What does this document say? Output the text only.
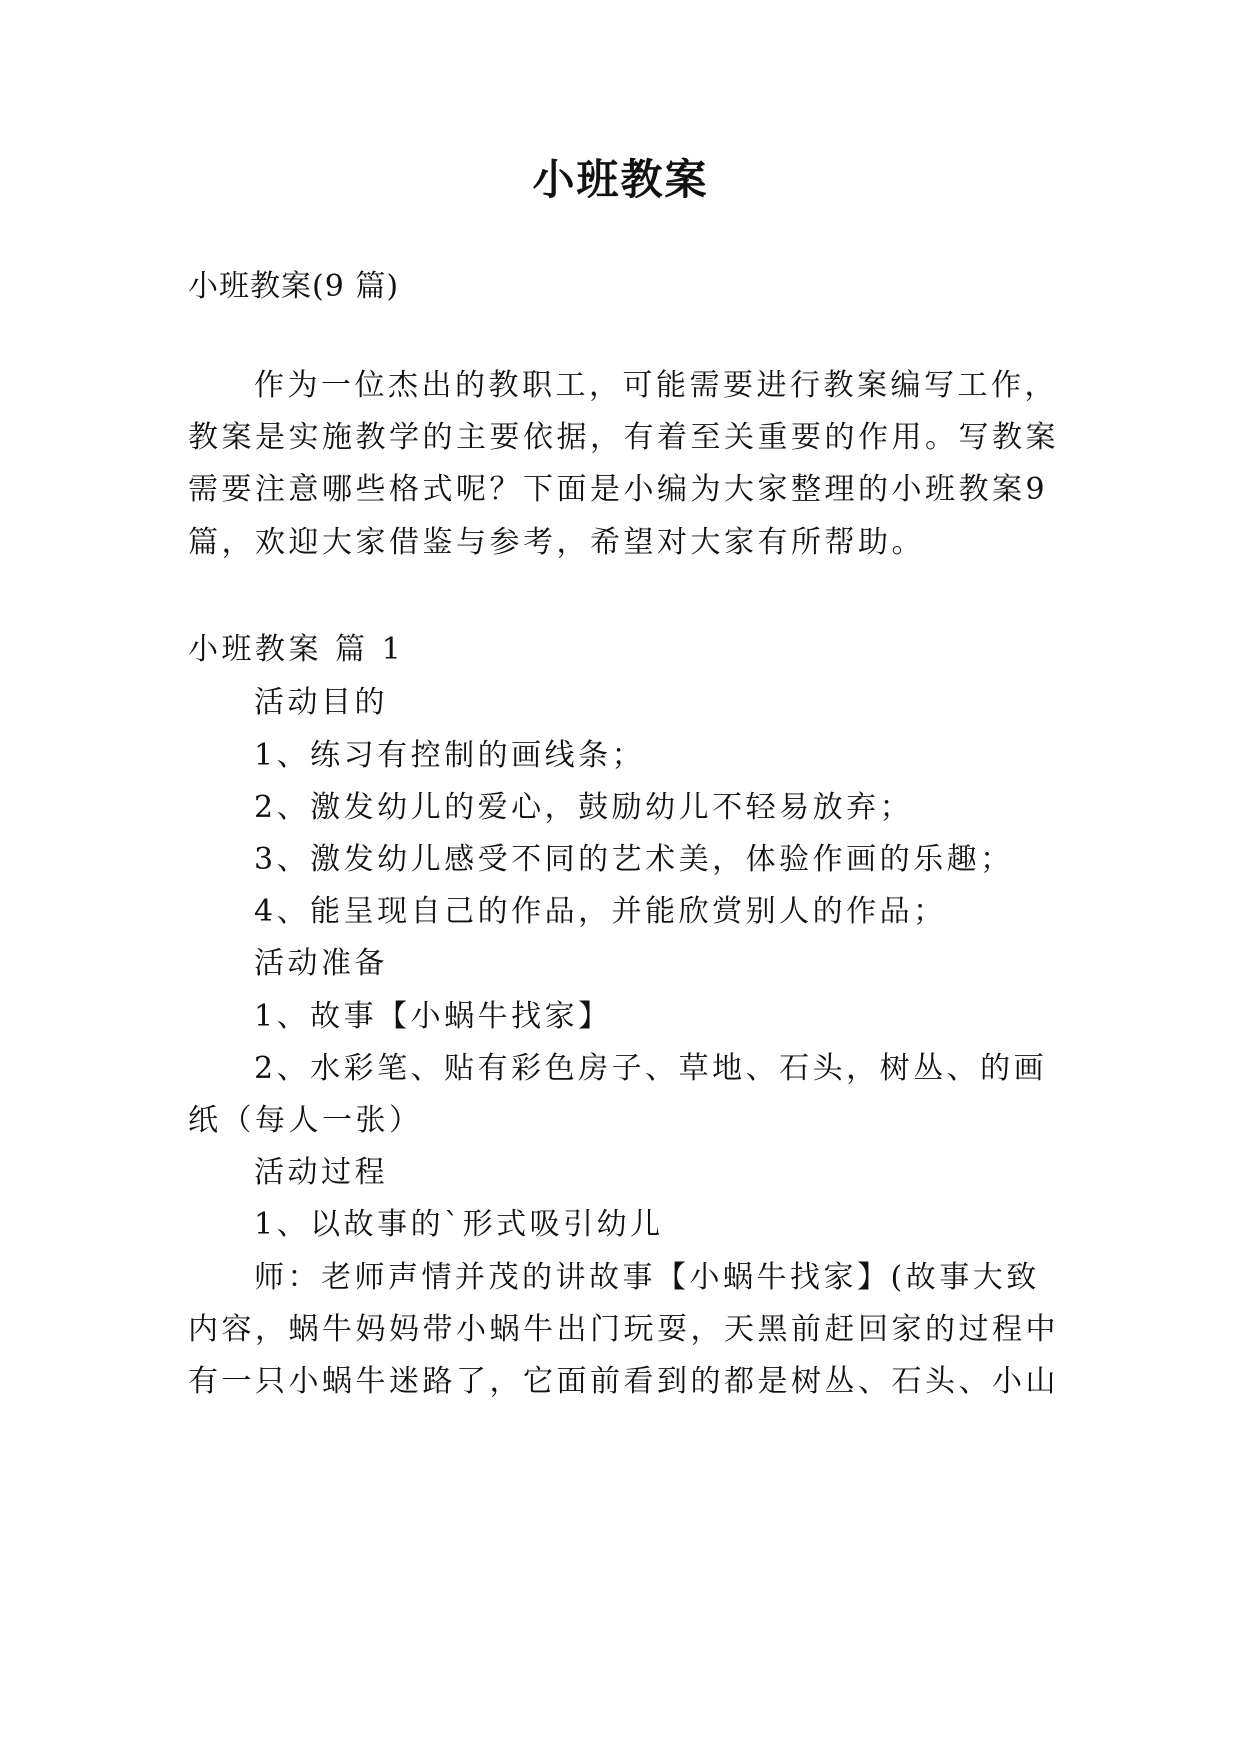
小班教案
小班教案(9 篇)
作为一位杰出的教职工，可能需要进行教案编写工作，
教案是实施教学的主要依据，有着至关重要的作用。写教案
需要注意哪些格式呢？下面是小编为大家整理的小班教案9
篇，欢迎大家借鉴与参考，希望对大家有所帮助。
小班教案 篇 1
活动目的
1、练习有控制的画线条；
2、激发幼儿的爱心，鼓励幼儿不轻易放弃；
3、激发幼儿感受不同的艺术美，体验作画的乐趣；
4、能呈现自己的作品，并能欣赏别人的作品；
活动准备
1、故事【小蜗牛找家】
2、水彩笔、贴有彩色房子、草地、石头，树丛、的画
纸（每人一张）
活动过程
1、以故事的`形式吸引幼儿
师：老师声情并茂的讲故事【小蜗牛找家】(故事大致
内容，蜗牛妈妈带小蜗牛出门玩耍，天黑前赶回家的过程中
有一只小蜗牛迷路了，它面前看到的都是树丛、石头、小山
